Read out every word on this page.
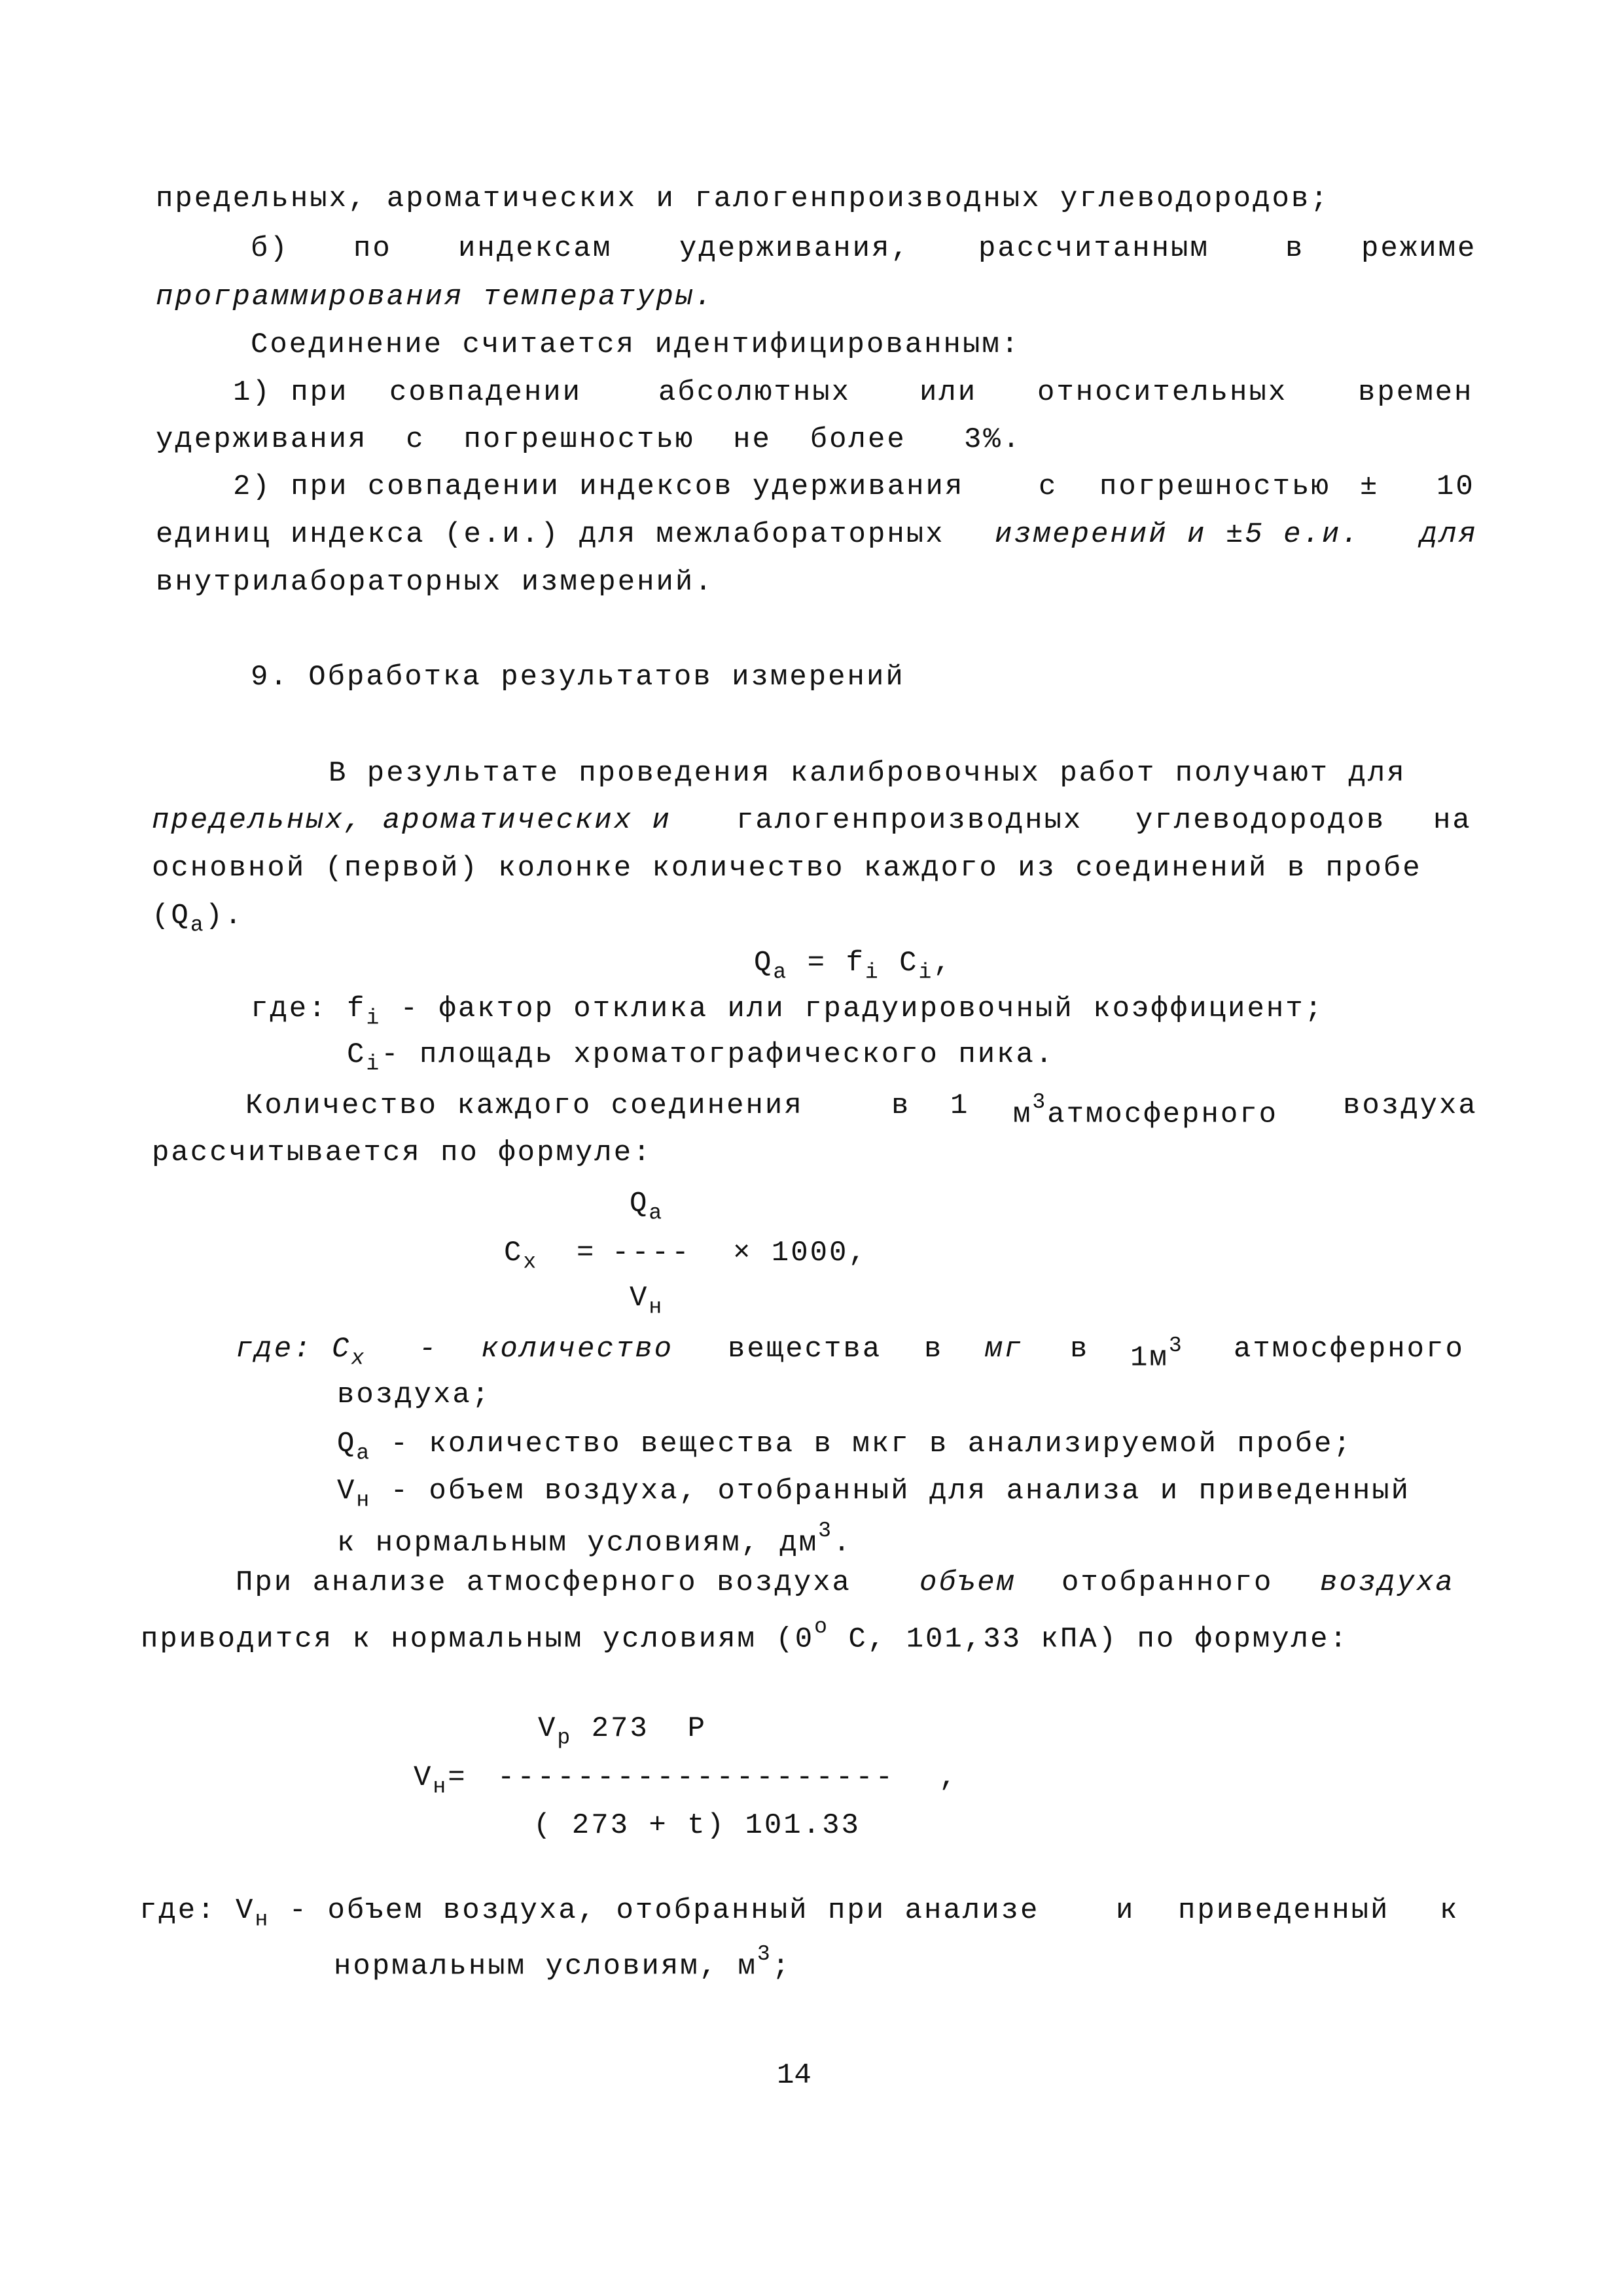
предельных, ароматических и галогенпроизводных углеводородов;
б) по индексам удерживания, рассчитанным	в режиме
программирования температуры.
Соединение считается идентифицированным:
1) при совпадении	абсолютных или относительных времен
удерживания  с  погрешностью  не  более   3%.
2) при совпадении индексов удерживания	с погрешностью ± 10
единиц индекса (е.и.) для межлабораторных измерений и ±5 е.и. для
внутрилабораторных измерений.
9. Обработка результатов измерений
В результате проведения калибровочных работ получают для
предельных, ароматических и галогенпроизводных углеводородов на
основной (первой) колонке количество каждого из соединений в пробе
$(Q_a)$.
$Q_a = f_i$ $C_i$,
где: $f_i$ - фактор отклика или градуировочный коэффициент;
$C_i-$ площадь хроматографического пика.
Количество каждого соединения	в 1 $м^3атмосферного$ воздуха
рассчитывается по формуле:
$Q_a$
$C_x$ = ---- × 1000,
$V_н$
где: $C_x$ - количество вещества в мг в $1м^3$ атмосферного
воздуха;
$Q_a$ - количество вещества в мкг в анализируемой пробе;
$V_н$ - объем воздуха, отобранный для анализа и приведенный
к нормальным условиям, $дм^3$.
При анализе атмосферного воздуха объем отобранного воздуха
приводится к нормальным условиям (0$^o$ С, 101,33 кПА) по формуле:
$V_р$ 273  Р
$V_н=$ -------------------- ,
( 273 + t) 101.33
где: $V_н$ - объем воздуха, отобранный при анализе	и приведенный к
нормальным условиям, $м^3$;
14
